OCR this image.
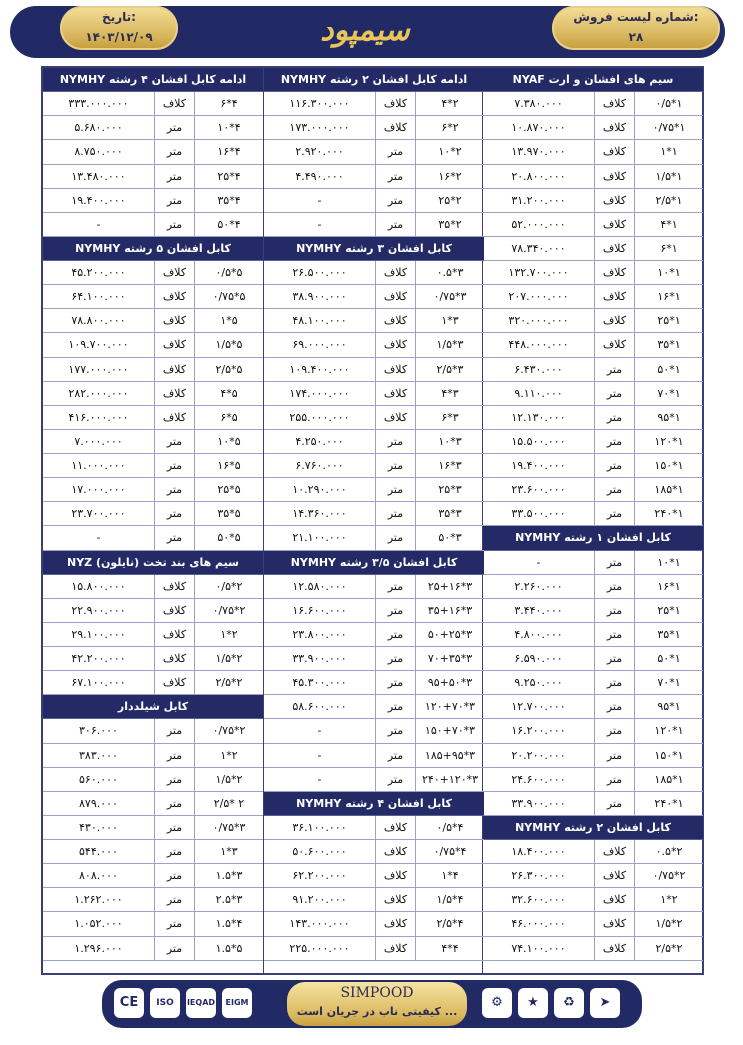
شماره لیست فروش:
۲۸
سیمپود
تاریخ:
۱۴۰۳/۱۲/۰۹
سیم های افشان و ارت NYAF
۷.۳۸۰.۰۰۰	کلاف	۱*۰/۵
۱۰.۸۷۰.۰۰۰	کلاف	۱*۰/۷۵
۱۳.۹۷۰.۰۰۰	کلاف	۱*۱
۲۰.۸۰۰.۰۰۰	کلاف	۱*۱/۵
۳۱.۲۰۰.۰۰۰	کلاف	۱*۲/۵
۵۲.۰۰۰.۰۰۰	کلاف	۱*۴
۷۸.۳۴۰.۰۰۰	کلاف	۱*۶
۱۳۲.۷۰۰.۰۰۰	کلاف	۱*۱۰
۲۰۷.۰۰۰.۰۰۰	کلاف	۱*۱۶
۳۲۰.۰۰۰.۰۰۰	کلاف	۱*۲۵
۴۴۸.۰۰۰.۰۰۰	کلاف	۱*۳۵
۶.۴۳۰.۰۰۰	متر	۱*۵۰
۹.۱۱۰.۰۰۰	متر	۱*۷۰
۱۲.۱۳۰.۰۰۰	متر	۱*۹۵
۱۵.۵۰۰.۰۰۰	متر	۱*۱۲۰
۱۹.۴۰۰.۰۰۰	متر	۱*۱۵۰
۲۳.۶۰۰.۰۰۰	متر	۱*۱۸۵
۳۳.۵۰۰.۰۰۰	متر	۱*۲۴۰
کابل افشان ۱ رشته NYMHY
-	متر	۱*۱۰
۲.۲۶۰.۰۰۰	متر	۱*۱۶
۳.۴۴۰.۰۰۰	متر	۱*۲۵
۴.۸۰۰.۰۰۰	متر	۱*۳۵
۶.۵۹۰.۰۰۰	متر	۱*۵۰
۹.۲۵۰.۰۰۰	متر	۱*۷۰
۱۲.۷۰۰.۰۰۰	متر	۱*۹۵
۱۶.۲۰۰.۰۰۰	متر	۱*۱۲۰
۲۰.۲۰۰.۰۰۰	متر	۱*۱۵۰
۲۴.۶۰۰.۰۰۰	متر	۱*۱۸۵
۳۳.۹۰۰.۰۰۰	متر	۱*۲۴۰
کابل افشان ۲ رشته NYMHY
۱۸.۴۰۰.۰۰۰	کلاف	۲*۰.۵
۲۶.۳۰۰.۰۰۰	کلاف	۲*۰/۷۵
۳۲.۶۰۰.۰۰۰	کلاف	۲*۱
۴۶.۰۰۰.۰۰۰	کلاف	۲*۱/۵
۷۴.۱۰۰.۰۰۰	کلاف	۲*۲/۵
ادامه کابل افشان ۲ رشته NYMHY
۱۱۶.۳۰۰.۰۰۰	کلاف	۲*۴
۱۷۳.۰۰۰.۰۰۰	کلاف	۲*۶
۲.۹۲۰.۰۰۰	متر	۲*۱۰
۴.۴۹۰.۰۰۰	متر	۲*۱۶
-	متر	۲*۲۵
-	متر	۲*۳۵
کابل افشان ۳ رشته NYMHY
۲۶.۵۰۰.۰۰۰	کلاف	۳*۰.۵
۳۸.۹۰۰.۰۰۰	کلاف	۳*۰/۷۵
۴۸.۱۰۰.۰۰۰	کلاف	۳*۱
۶۹.۰۰۰.۰۰۰	کلاف	۳*۱/۵
۱۰۹.۴۰۰.۰۰۰	کلاف	۳*۲/۵
۱۷۴.۰۰۰.۰۰۰	کلاف	۳*۴
۲۵۵.۰۰۰.۰۰۰	کلاف	۳*۶
۴.۲۵۰.۰۰۰	متر	۳*۱۰
۶.۷۶۰.۰۰۰	متر	۳*۱۶
۱۰.۲۹۰.۰۰۰	متر	۳*۲۵
۱۴.۳۶۰.۰۰۰	متر	۳*۳۵
۲۱.۱۰۰.۰۰۰	متر	۳*۵۰
کابل افشان ۳/۵ رشته NYMHY
۱۲.۵۸۰.۰۰۰	متر	۳*۲۵+۱۶
۱۶.۶۰۰.۰۰۰	متر	۳*۳۵+۱۶
۲۳.۸۰۰.۰۰۰	متر	۳*۵۰+۲۵
۳۳.۹۰۰.۰۰۰	متر	۳*۷۰+۳۵
۴۵.۳۰۰.۰۰۰	متر	۳*۹۵+۵۰
۵۸.۶۰۰.۰۰۰	متر	۳*۱۲۰+۷۰
-	متر	۳*۱۵۰+۷۰
-	متر	۳*۱۸۵+۹۵
-	متر	۳*۲۴۰+۱۲۰
کابل افشان ۴ رشته NYMHY
۳۶.۱۰۰.۰۰۰	کلاف	۴*۰/۵
۵۰.۶۰۰.۰۰۰	کلاف	۴*۰/۷۵
۶۲.۲۰۰.۰۰۰	کلاف	۴*۱
۹۱.۲۰۰.۰۰۰	کلاف	۴*۱/۵
۱۴۳.۰۰۰.۰۰۰	کلاف	۴*۲/۵
۲۲۵.۰۰۰.۰۰۰	کلاف	۴*۴
ادامه کابل افشان ۴ رشته NYMHY
۳۳۳.۰۰۰.۰۰۰	کلاف	۴*۶
۵.۶۸۰.۰۰۰	متر	۴*۱۰
۸.۷۵۰.۰۰۰	متر	۴*۱۶
۱۳.۴۸۰.۰۰۰	متر	۴*۲۵
۱۹.۴۰۰.۰۰۰	متر	۴*۳۵
-	متر	۴*۵۰
کابل افشان ۵ رشته NYMHY
۴۵.۲۰۰.۰۰۰	کلاف	۵*۰/۵
۶۴.۱۰۰.۰۰۰	کلاف	۵*۰/۷۵
۷۸.۸۰۰.۰۰۰	کلاف	۵*۱
۱۰۹.۷۰۰.۰۰۰	کلاف	۵*۱/۵
۱۷۷.۰۰۰.۰۰۰	کلاف	۵*۲/۵
۲۸۲.۰۰۰.۰۰۰	کلاف	۵*۴
۴۱۶.۰۰۰.۰۰۰	کلاف	۵*۶
۷.۰۰۰.۰۰۰	متر	۵*۱۰
۱۱.۰۰۰.۰۰۰	متر	۵*۱۶
۱۷.۰۰۰.۰۰۰	متر	۵*۲۵
۲۳.۷۰۰.۰۰۰	متر	۵*۳۵
-	متر	۵*۵۰
سیم های بند تخت (نایلون) NYZ
۱۵.۸۰۰.۰۰۰	کلاف	۲*۰/۵
۲۲.۹۰۰.۰۰۰	کلاف	۲*۰/۷۵
۲۹.۱۰۰.۰۰۰	کلاف	۲*۱
۴۲.۲۰۰.۰۰۰	کلاف	۲*۱/۵
۶۷.۱۰۰.۰۰۰	کلاف	۲*۲/۵
کابل شیلددار
۳۰۶.۰۰۰	متر	۲*۰/۷۵
۳۸۳.۰۰۰	متر	۲*۱
۵۶۰.۰۰۰	متر	۲*۱/۵
۸۷۹.۰۰۰	متر	۲ *۲/۵
۴۳۰.۰۰۰	متر	۳*۰/۷۵
۵۴۴.۰۰۰	متر	۳*۱
۸۰۸.۰۰۰	متر	۳*۱.۵
۱.۲۶۲.۰۰۰	متر	۳*۲.۵
۱.۰۵۲.۰۰۰	متر	۴*۱.۵
۱.۲۹۶.۰۰۰	متر	۵*۱.۵
CE	ISO	IEQAD	EIGM
SIMPOOD
کیفیتی ناب در جریان است ...
⚙	★	♻	➤
